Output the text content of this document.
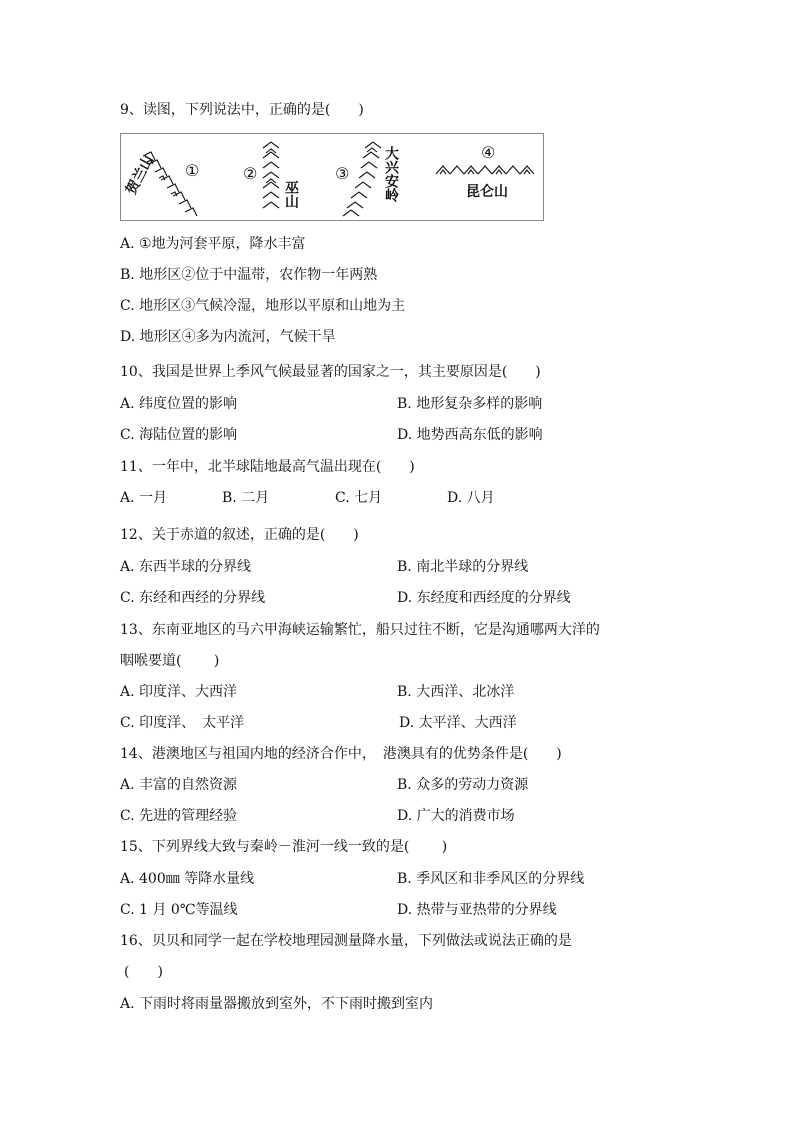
9、读图，下列说法中，正确的是(　　)
①
贺兰山	②
巫山
③ 大兴安岭	④
昆仑山
A. ①地为河套平原，降水丰富
B. 地形区②位于中温带，农作物一年两熟
C. 地形区③气候冷湿，地形以平原和山地为主
D. 地形区④多为内流河，气候干旱
10、我国是世界上季风气候最显著的国家之一，其主要原因是(　　)
A. 纬度位置的影响	B. 地形复杂多样的影响
C. 海陆位置的影响	D. 地势西高东低的影响
11、一年中，北半球陆地最高气温出现在(　　)
A. 一月	B. 二月	C. 七月	D. 八月
12、关于赤道的叙述，正确的是(　　)
A. 东西半球的分界线	B. 南北半球的分界线
C. 东经和西经的分界线	D. 东经度和西经度的分界线
13、东南亚地区的马六甲海峡运输繁忙，船只过往不断，它是沟通哪两大洋的
咽喉要道(　　 )
A. 印度洋、大西洋	B. 大西洋、北冰洋
C. 印度洋、　太平洋	D. 太平洋、大西洋
14、港澳地区与祖国内地的经济合作中，　港澳具有的优势条件是(　　)
A. 丰富的自然资源	B. 众多的劳动力资源
C. 先进的管理经验	D. 广大的消费市场
15、下列界线大致与秦岭－淮河一线一致的是(　　 )
A. 400㎜ 等降水量线	B. 季风区和非季风区的分界线
C. 1 月 0℃等温线	D. 热带与亚热带的分界线
16、贝贝和同学一起在学校地理园测量降水量，下列做法或说法正确的是
(　　)
A. 下雨时将雨量器搬放到室外，不下雨时搬到室内
